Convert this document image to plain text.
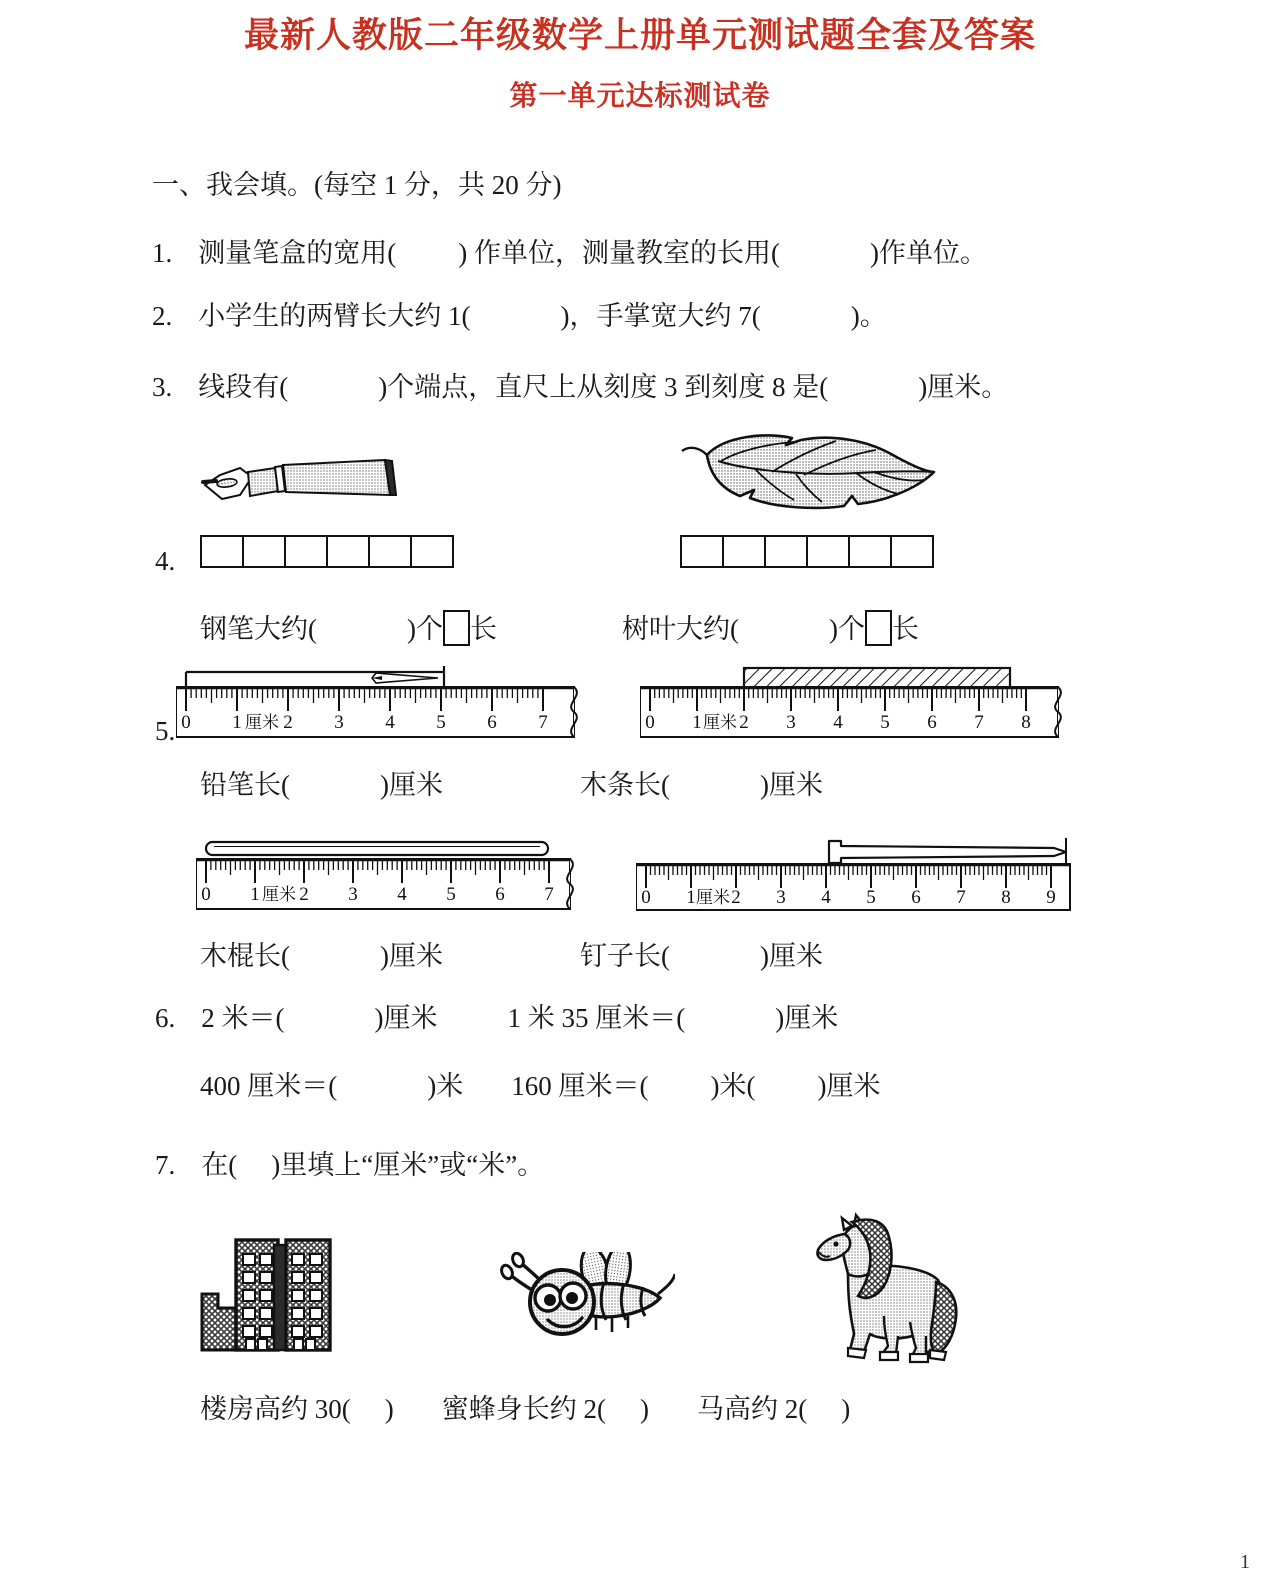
最新人教版二年级数学上册单元测试题全套及答案
第一单元达标测试卷
一、我会填。(每空 1 分，共 20 分)
1. 测量笔盒的宽用( ) 作单位，测量教室的长用(	)作单位。
2. 小学生的两臂长大约 1(	)，手掌宽大约 7(	)。
3. 线段有(	)个端点，直尺上从刻度 3 到刻度 8 是(	)厘米。
4.
钢笔大约(	)个 长	树叶大约(	)个 长
5. 0 1 2 3 4 5 6 7
厘米	0 1 2 3 4 5 6 7 8
厘米
铅笔长(	)厘米	木条长(	)厘米
0 1 2 3 4 5 6 7
厘米	0 1 2 3 4 5 6 7 8 9
厘米
木棍长(	)厘米	钉子长(	)厘米
6. 2 米＝(	)厘米	1 米 35 厘米＝(	)厘米
400 厘米＝(	)米 160 厘米＝( )米( )厘米
7. 在( )里填上“厘米”或“米”。
楼房高约 30( ) 蜜蜂身长约 2( ) 马高约 2( )
1
